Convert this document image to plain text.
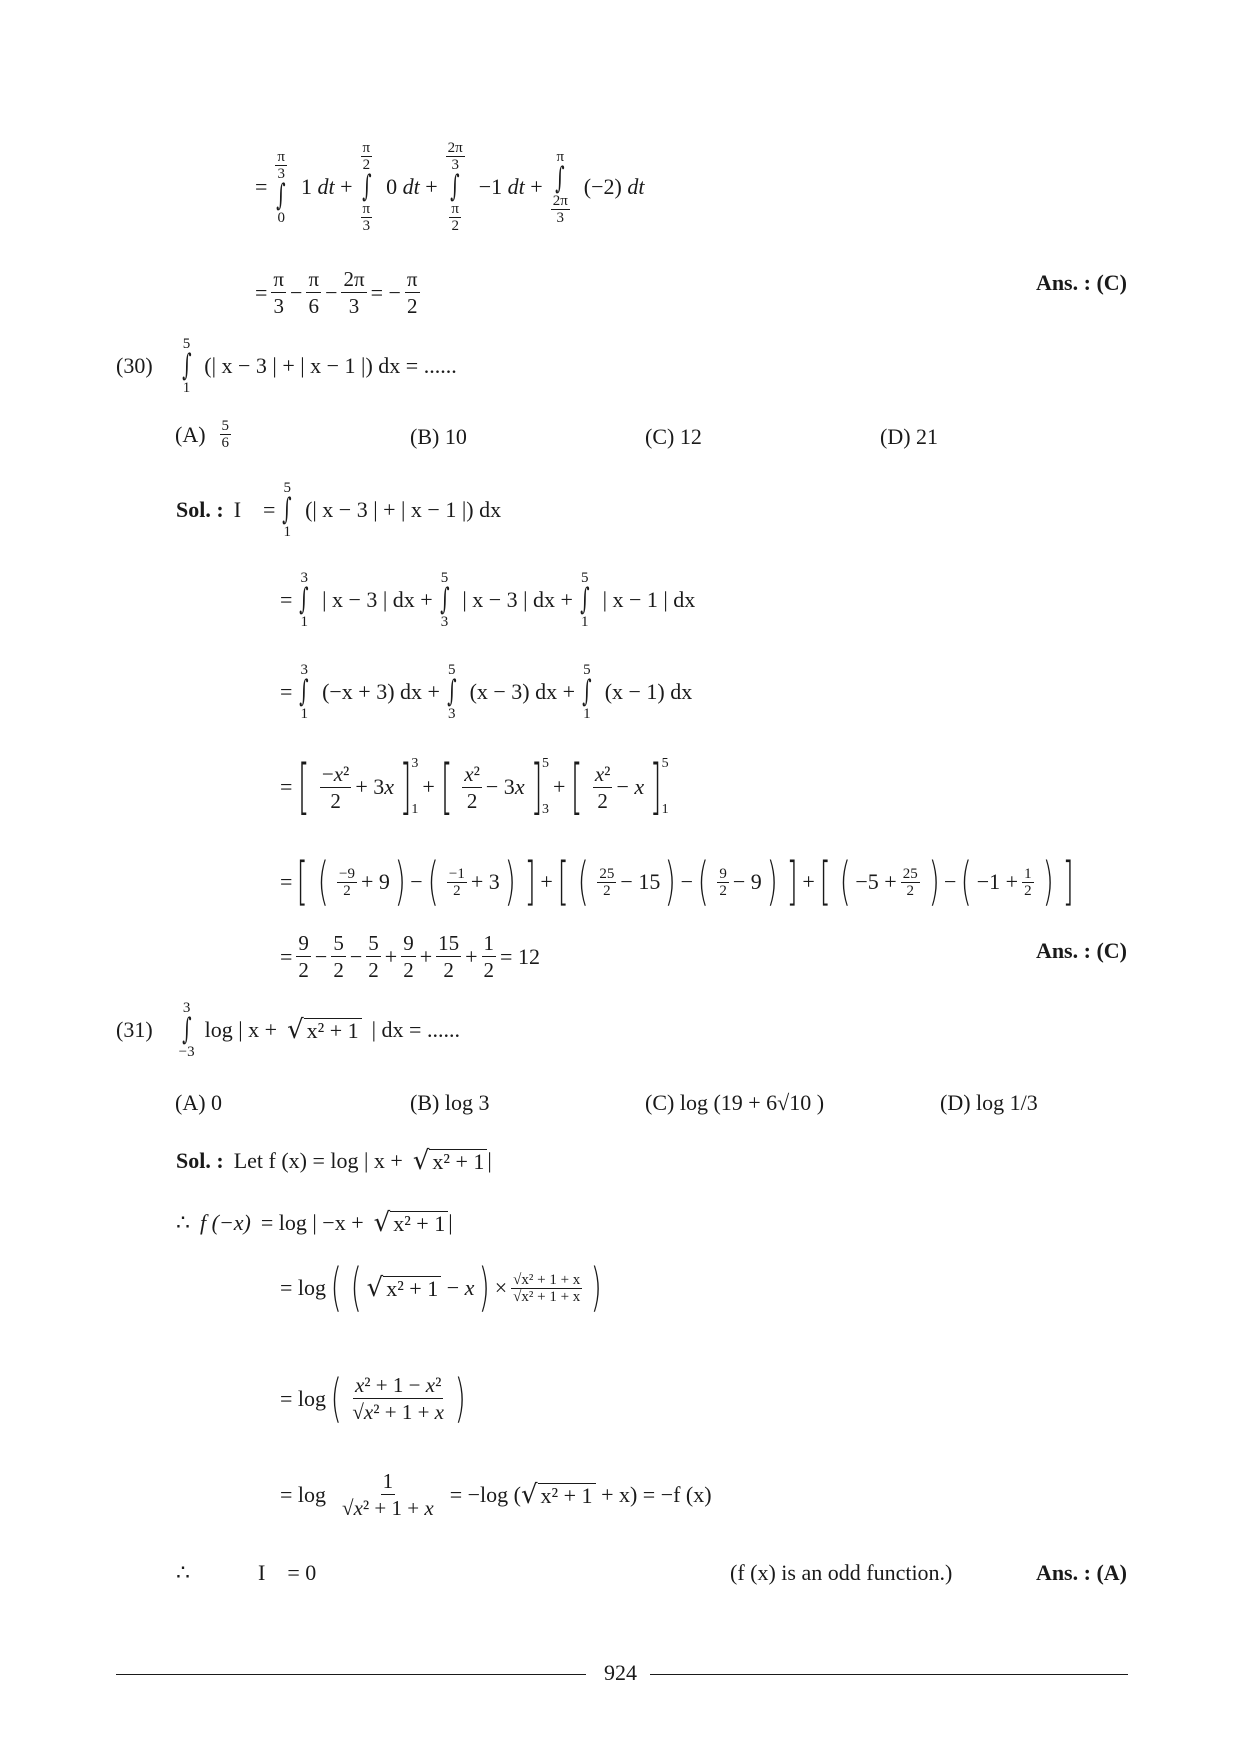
=
$\frac{\pi}{3}$
∫
0
1 dt +
$\frac{\pi}{2}$
∫
$\frac{\pi}{3}$
0 dt +
$\frac{2\pi}{3}$
∫
$\frac{\pi}{2}$
−1 dt +
π
∫
$\frac{2\pi}{3}$
(−2) dt
= $\frac{\pi}{3} - \frac{\pi}{6} - \frac{2\pi}{3}$ = − $\frac{\pi}{2}$	Ans. : (C)
(30)
5
∫
1
(| x − 3 | + | x − 1 |) dx = ......
(A) 5
6	(B) 10	(C) 12	(D) 21
Sol. : I =
5
∫
1
(| x − 3 | + | x − 1 |) dx
=
3
∫
1
| x − 3 | dx +
5
∫
3
| x − 3 | dx +
5
∫
1
| x − 1 | dx
=
3
∫
1
(−x + 3) dx +
5
∫
3
(x − 3) dx +
5
∫
1
(x − 1) dx
= [ −x²
2
+ 3x ] 3
1
+ [ x²
2
− 3x ] 5
3
+ [ x²
2
− x ] 5
1
= [ ( −9
2 + 9 ) − ( −1
2 + 3 ) ] + [ ( 25
2 − 15 ) − ( 9
2 − 9 ) ] + [ ( $-5 + \frac{25}{2}$ ) − ( $-1 + \frac{1}{2}$ ) ]
= $\frac{9}{2} - \frac{5}{2} - \frac{5}{2} + \frac{9}{2} + \frac{15}{2} + \frac{1}{2} = 12$	Ans. : (C)
(31)
3
∫
−3
log | x + √ x² + 1 | dx = ......
(A) 0	(B) log 3	(C) log (19 + 6√10 )	(D) log 1/3
Sol. : Let f (x) = log | x + √ x² + 1 |
∴ f (−x) = log | −x + √ x² + 1 |
= log ( ( √ x² + 1 − x ) × $\frac{\text{√x² + 1 + x}}{\text{√x² + 1 + x}}$ )
= log ( x² + 1 − x²
√x² + 1 + x )
= log
1
√x² + 1 + x
= −log ( √ x² + 1
+ x) = −f (x)
∴	I = 0	(f (x) is an odd function.)	Ans. : (A)
924
